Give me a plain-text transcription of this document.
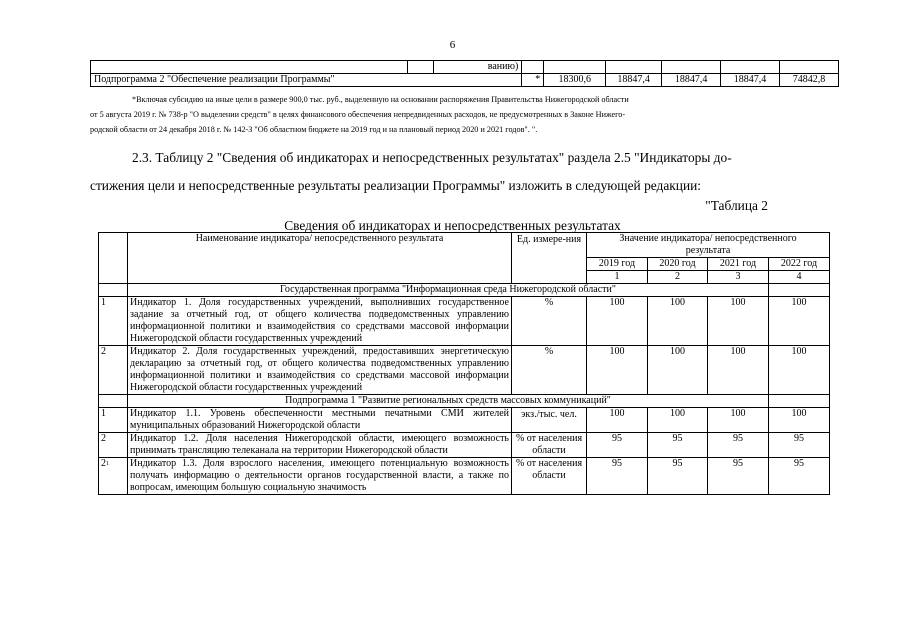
6
		ванию)						
Подпрограмма 2 "Обеспечение реализации Программы"			*	18300,6	18847,4	18847,4	18847,4	74842,8
*Включая субсидию на иные цели в размере 900,0 тыс. руб., выделенную на основании распоряжения Правительства Нижегородской области
от 5 августа 2019 г. № 738-р "О выделении средств" в целях финансового обеспечения непредвиденных расходов, не предусмотренных в Законе Нижего-
родской области от 24 декабря 2018 г. № 142-З "Об областном бюджете на 2019 год и на плановый период 2020 и 2021 годов". ".
2.3. Таблицу 2 "Сведения об индикаторах и непосредственных результатах" раздела 2.5 "Индикаторы до-
стижения цели и непосредственные результаты реализации Программы" изложить в следующей редакции:
"Таблица 2
Сведения об индикаторах и непосредственных результатах
	Наименование индикатора/ непосредственного результата	Ед. измере-ния	Значение индикатора/ непосредственного результата				
			2019 год	2020 год	2021 год	2022 год	
			1	2	3	4			
	Государственная программа "Информационная среда Нижегородской области"						
1	Индикатор 1. Доля государственных учреждений, выполнивших государственное задание за отчетный год, от общего количества подведомственных управлению информационной политики и взаимодействия со средствами массовой информации Нижегородской области государственных учреждений	%	100	100	100	100	
2	Индикатор 2. Доля государственных учреждений, предоставивших энергетическую декларацию за отчетный год, от общего количества подведомственных управлению информационной политики и взаимодействия со средствами массовой информации Нижегородской области государственных учреждений	%	100	100	100	100	
	Подпрограмма 1 "Развитие региональных средств массовых коммуникаций"						
1	Индикатор 1.1. Уровень обеспеченности местными печатными СМИ жителей муниципальных образований Нижегородской области	экз./тыс. чел.	100	100	100	100	
2	Индикатор 1.2. Доля населения Нижегородской области, имеющего возможность принимать трансляцию телеканала на территории Нижегородской области	% от населения области	95	95	95	95	
$2^1$	Индикатор 1.3. Доля взрослого населения, имеющего потенциальную возможность получать информацию о деятельности органов государственной власти, а также по вопросам, имеющим большую социальную значимость	% от населения области	95	95	95	95	
